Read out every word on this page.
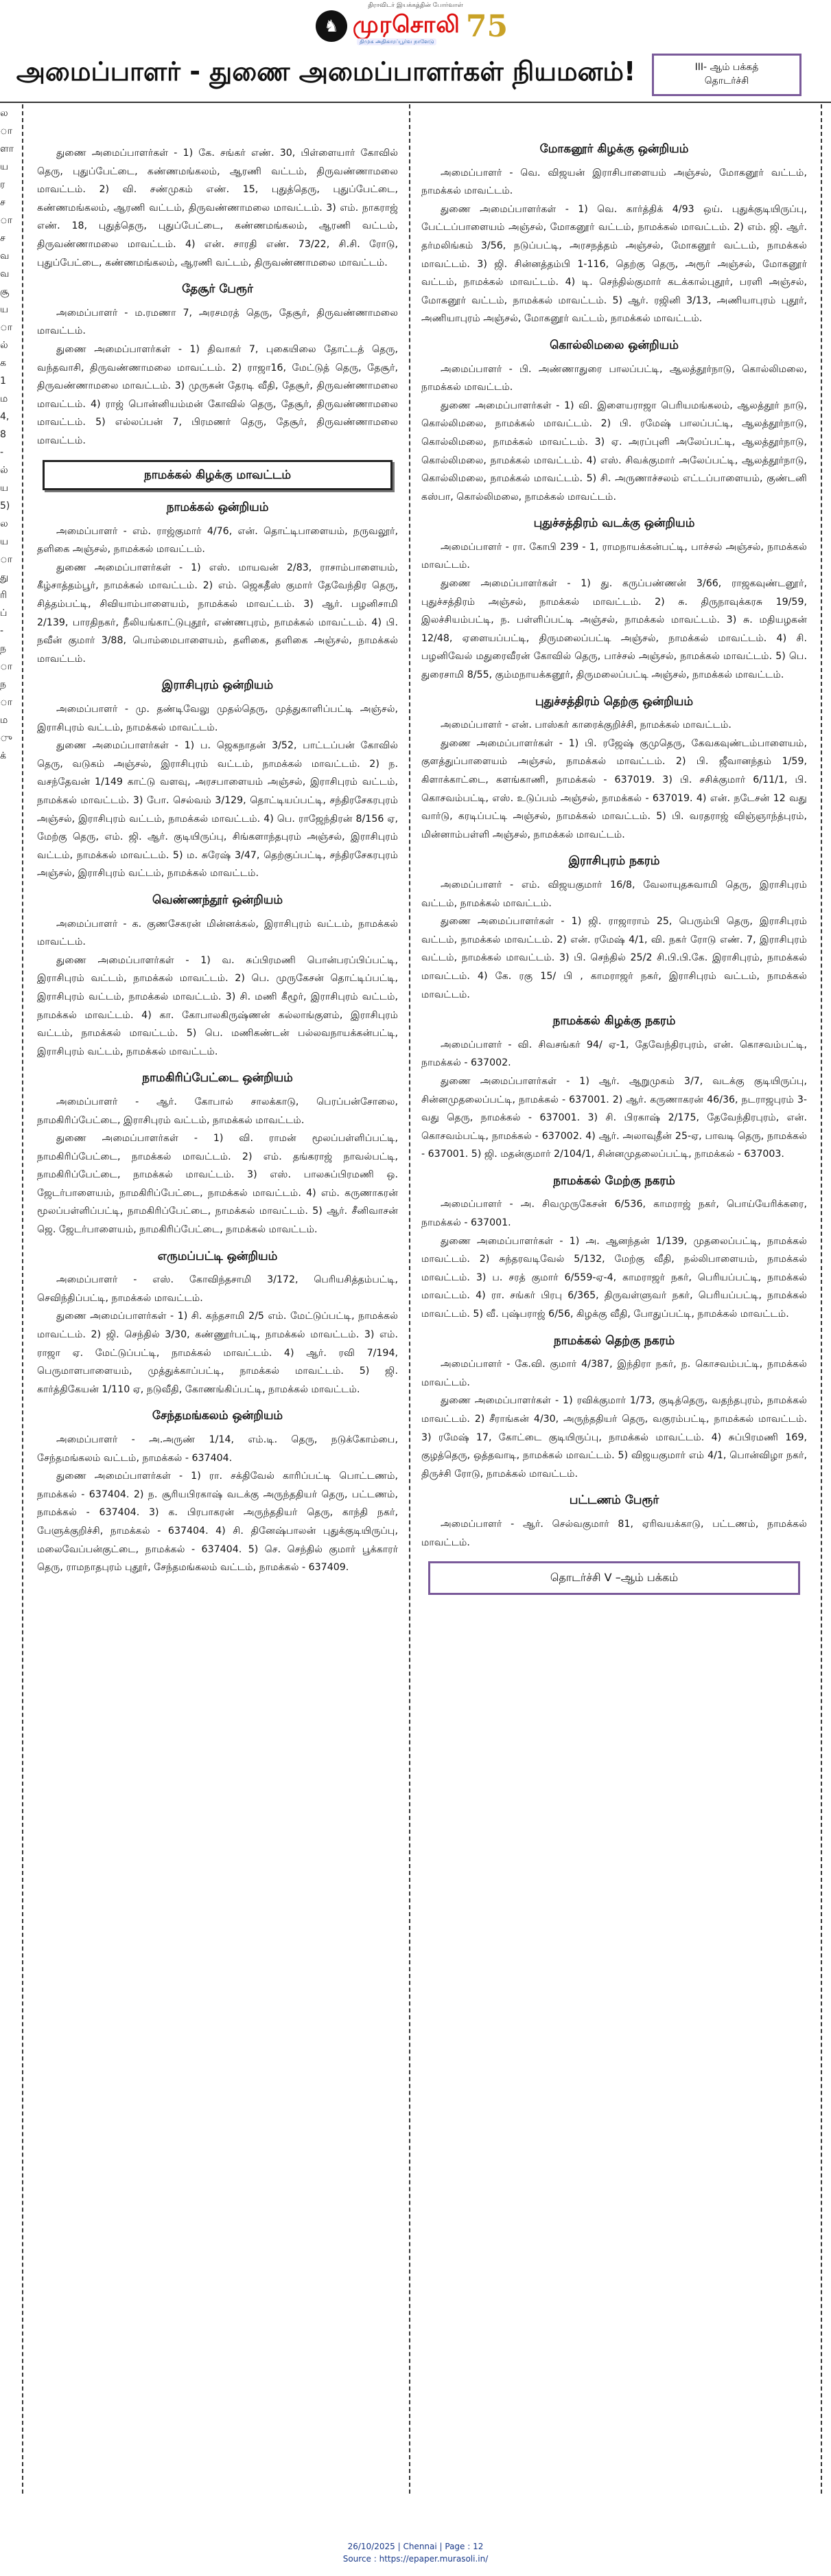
திராவிடர் இயக்கத்தின் போர்வாள்
♞ முரசொலி 75
திமுக அதிகாரப்பூர்வ நாளேடு
அமைப்பாளர் - துணை அமைப்பாளர்கள் நியமனம்!	III- ஆம் பக்கத்
தொடர்ச்சி
ல
ா
ளா
ய
ர
ச
ா
ச
வ
வ
சூ
ய
ா
ல்
க
1
ம
4,
8
-
ல்
ய
5)
ல
ய
ா
து
ரி
ப்
-
ந
ா
ந
ா
ம
ு
க்

துணை அமைப்பாளர்கள் - 1) கே. சங்கர் எண். 30, பிள்ளையார் கோவில் தெரு, புதுப்பேட்டை, கண்ணமங்கலம், ஆரணி வட்டம், திருவண்ணாமலை மாவட்டம். 2) வி. சண்முகம் எண். 15, புதுத்தெரு, புதுப்பேட்டை, கண்ணமங்கலம், ஆரணி வட்டம், திருவண்ணாமலை மாவட்டம். 3) எம். நாகராஜ் எண். 18, புதுத்தெரு, புதுப்பேட்டை, கண்ணமங்கலம், ஆரணி வட்டம், திருவண்ணாமலை மாவட்டம். 4) என். சாரதி எண். 73/22, சி.சி. ரோடு, புதுப்பேட்டை, கண்ணமங்கலம், ஆரணி வட்டம், திருவண்ணாமலை மாவட்டம்.

தேசூர் பேரூர்

அமைப்பாளர் - ம.ரமணா 7, அரசமரத் தெரு, தேசூர், திருவண்ணாமலை மாவட்டம்.

துணை அமைப்பாளர்கள் - 1) திவாகர் 7, புகையிலை தோட்டத் தெரு, வந்தவாசி, திருவண்ணாமலை மாவட்டம். 2) ராஜா16, மேட்டுத் தெரு, தேசூர், திருவண்ணாமலை மாவட்டம். 3) முருகன் தேரடி வீதி, தேசூர், திருவண்ணாமலை மாவட்டம். 4) ராஜ் பொன்னியம்மன் கோவில் தெரு, தேசூர், திருவண்ணாமலை மாவட்டம். 5) எல்லப்பன் 7, பிரமணர் தெரு, தேசூர், திருவண்ணாமலை மாவட்டம்.

நாமக்கல் கிழக்கு மாவட்டம்
நாமக்கல் ஒன்றியம்

அமைப்பாளர் - எம். ராஜ்குமார் 4/76, என். தொட்டிபாளையம், நருவலூர், தளிகை அஞ்சல், நாமக்கல் மாவட்டம்.

துணை அமைப்பாளர்கள் - 1) எஸ். மாயவன் 2/83, ராசாம்பாளையம், கீழ்சாத்தம்பூர், நாமக்கல் மாவட்டம். 2) எம். ஜெகதீஸ் குமார் தேவேந்திர தெரு, சித்தம்பட்டி, சிவியாம்பாளையம், நாமக்கல் மாவட்டம். 3) ஆர். பழனிசாமி 2/139, பாரதிநகர், நீலியங்காட்டுபுதூர், எண்ணபுரம், நாமக்கல் மாவட்டம். 4) பி. நவீன் குமார் 3/88, பொம்மைபாளையம், தளிகை, தளிகை அஞ்சல், நாமக்கல் மாவட்டம்.

இராசிபுரம் ஒன்றியம்

அமைப்பாளர் - மு. தண்டிவேலு முதல்தெரு, முத்துகாளிப்பட்டி அஞ்சல், இராசிபுரம் வட்டம், நாமக்கல் மாவட்டம்.

துணை அமைப்பாளர்கள் - 1) ப. ஜெகநாதன் 3/52, பாட்டப்பன் கோவில் தெரு, வடுகம் அஞ்சல், இராசிபுரம் வட்டம், நாமக்கல் மாவட்டம். 2) ந. வசந்தேவன் 1/149 காட்டு வளவு, அரசபாளையம் அஞ்சல், இராசிபுரம் வட்டம், நாமக்கல் மாவட்டம். 3) போ. செல்வம் 3/129, தொட்டியப்பட்டி, சந்திரசேகரபுரம் அஞ்சல், இராசிபுரம் வட்டம், நாமக்கல் மாவட்டம். 4) பெ. ராஜேந்திரன் 8/156 ஏ, மேற்கு தெரு, எம். ஜி. ஆர். குடியிருப்பு, சிங்களாந்தபுரம் அஞ்சல், இராசிபுரம் வட்டம், நாமக்கல் மாவட்டம். 5) ம. சுரேஷ் 3/47, தெற்குப்பட்டி, சந்திரசேகரபுரம் அஞ்சல், இராசிபுரம் வட்டம், நாமக்கல் மாவட்டம்.

வெண்ணந்தூர் ஒன்றியம்

அமைப்பாளர் - க. குணசேகரன் மின்னக்கல், இராசிபுரம் வட்டம், நாமக்கல் மாவட்டம்.

துணை அமைப்பாளர்கள் - 1) வ. சுப்பிரமணி பொன்பரப்பிப்பட்டி, இராசிபுரம் வட்டம், நாமக்கல் மாவட்டம். 2) பெ. முருகேசன் தொட்டிப்பட்டி, இராசிபுரம் வட்டம், நாமக்கல் மாவட்டம். 3) சி. மணி கீழூர், இராசிபுரம் வட்டம், நாமக்கல் மாவட்டம். 4) கா. கோபாலகிருஷ்ணன் கல்லாங்குளம், இராசிபுரம் வட்டம், நாமக்கல் மாவட்டம். 5) பெ. மணிகண்டன் பல்லவநாயக்கன்பட்டி, இராசிபுரம் வட்டம், நாமக்கல் மாவட்டம்.

நாமகிரிப்பேட்டை ஒன்றியம்

அமைப்பாளர் - ஆர். கோபால் சாலக்காடு, பெரப்பன்சோலை, நாமகிரிப்பேட்டை, இராசிபுரம் வட்டம், நாமக்கல் மாவட்டம்.

துணை அமைப்பாளர்கள் - 1) வி. ராமன் மூலப்பள்ளிப்பட்டி, நாமகிரிப்பேட்டை, நாமக்கல் மாவட்டம். 2) எம். தங்கராஜ் நாவல்பட்டி, நாமகிரிப்பேட்டை, நாமக்கல் மாவட்டம். 3) எஸ். பாலசுப்பிரமணி ஒ. ஜேடர்பாளையம், நாமகிரிப்பேட்டை, நாமக்கல் மாவட்டம். 4) எம். கருணாகரன் மூலப்பள்ளிப்பட்டி, நாமகிரிப்பேட்டை, நாமக்கல் மாவட்டம். 5) ஆர். சீனிவாசன் ஜெ. ஜேடர்பாளையம், நாமகிரிப்பேட்டை, நாமக்கல் மாவட்டம்.

எருமப்பட்டி ஒன்றியம்

அமைப்பாளர் - எஸ். கோவிந்தசாமி 3/172, பெரியசித்தம்பட்டி, செவிந்திப்பட்டி, நாமக்கல் மாவட்டம்.

துணை அமைப்பாளர்கள் - 1) சி. கந்தசாமி 2/5 எம். மேட்டுப்பட்டி, நாமக்கல் மாவட்டம். 2) ஜி. செந்தில் 3/30, கண்ணூர்பட்டி, நாமக்கல் மாவட்டம். 3) எம். ராஜா ஏ. மேட்டுப்பட்டி, நாமக்கல் மாவட்டம். 4) ஆர். ரவி 7/194, பெருமாளபாளையம், முத்துக்காப்பட்டி, நாமக்கல் மாவட்டம். 5) ஜி. கார்த்திகேயன் 1/110 ஏ, நடுவீதி, கோணங்கிப்பட்டி, நாமக்கல் மாவட்டம்.

சேந்தமங்கலம் ஒன்றியம்

அமைப்பாளர் - அ.அருண் 1/14, எம்.டி. தெரு, நடுக்கோம்பை, சேந்தமங்கலம் வட்டம், நாமக்கல் - 637404.

துணை அமைப்பாளர்கள் - 1) ரா. சக்திவேல் காரிப்பட்டி பொட்டணம், நாமக்கல் - 637404. 2) ந. சூரியபிரகாஷ் வடக்கு அருந்ததியர் தெரு, பட்டணம், நாமக்கல் - 637404. 3) க. பிரபாகரன் அருந்ததியர் தெரு, காந்தி நகர், பேளுக்குறிச்சி, நாமக்கல் - 637404. 4) சி. தினேஷ்பாலன் புதுக்குடியிருப்பு, மலைவேப்பன்குட்டை, நாமக்கல் - 637404. 5) செ. செந்தில் குமார் பூக்காரர் தெரு, ராமநாதபுரம் புதூர், சேந்தமங்கலம் வட்டம், நாமக்கல் - 637409.

மோகனூர் கிழக்கு ஒன்றியம்

அமைப்பாளர் - வெ. விஜயன் இராசிபாளையம் அஞ்சல், மோகனூர் வட்டம், நாமக்கல் மாவட்டம்.

துணை அமைப்பாளர்கள் - 1) வெ. கார்த்திக் 4/93 ஒய். புதுக்குடியிருப்பு, பேட்டப்பாளையம் அஞ்சல், மோகனூர் வட்டம், நாமக்கல் மாவட்டம். 2) எம். ஜி. ஆர். தர்மலிங்கம் 3/56, நடுப்பட்டி, அரசநத்தம் அஞ்சல், மோகனூர் வட்டம், நாமக்கல் மாவட்டம். 3) ஜி. சின்னத்தம்பி 1-116, தெற்கு தெரு, அரூர் அஞ்சல், மோகனூர் வட்டம், நாமக்கல் மாவட்டம். 4) டி. செந்தில்குமார் கடக்கால்புதூர், பரளி அஞ்சல், மோகனூர் வட்டம், நாமக்கல் மாவட்டம். 5) ஆர். ரஜினி 3/13, அணியாபுரம் புதூர், அணியாபுரம் அஞ்சல், மோகனூர் வட்டம், நாமக்கல் மாவட்டம்.

கொல்லிமலை ஒன்றியம்

அமைப்பாளர் - பி. அண்ணாதுரை பாலப்பட்டி, ஆலத்தூர்நாடு, கொல்லிமலை, நாமக்கல் மாவட்டம்.

துணை அமைப்பாளர்கள் - 1) வி. இளையராஜா பெரியமங்கலம், ஆலத்தூர் நாடு, கொல்லிமலை, நாமக்கல் மாவட்டம். 2) பி. ரமேஷ் பாலப்பட்டி, ஆலத்தூர்நாடு, கொல்லிமலை, நாமக்கல் மாவட்டம். 3) ஏ. அரப்புளி அலேப்பட்டி, ஆலத்தூர்நாடு, கொல்லிமலை, நாமக்கல் மாவட்டம். 4) எஸ். சிவக்குமார் அலேப்பட்டி, ஆலத்தூர்நாடு, கொல்லிமலை, நாமக்கல் மாவட்டம். 5) சி. அருணாச்சலம் எட்டப்பாளையம், குண்டனி கஸ்பா, கொல்லிமலை, நாமக்கல் மாவட்டம்.

புதுச்சத்திரம் வடக்கு ஒன்றியம்

அமைப்பாளர் - ரா. கோபி 239 - 1, ராமநாயக்கன்பட்டி, பாச்சல் அஞ்சல், நாமக்கல் மாவட்டம்.

துணை அமைப்பாளர்கள் - 1) து. கருப்பண்ணன் 3/66, ராஜகவுண்டனூர், புதுச்சத்திரம் அஞ்சல், நாமக்கல் மாவட்டம். 2) சு. திருநாவுக்கரசு 19/59, இலச்சியம்பட்டி, ந. பள்ளிப்பட்டி அஞ்சல், நாமக்கல் மாவட்டம். 3) சு. மதியழகன் 12/48, ஏளையப்பட்டி, திருமலைப்பட்டி அஞ்சல், நாமக்கல் மாவட்டம். 4) சி. பழனிவேல் மதுரைவீரன் கோவில் தெரு, பாச்சல் அஞ்சல், நாமக்கல் மாவட்டம். 5) பெ. துரைசாமி 8/55, கும்மநாயக்கனூர், திருமலைப்பட்டி அஞ்சல், நாமக்கல் மாவட்டம்.

புதுச்சத்திரம் தெற்கு ஒன்றியம்

அமைப்பாளர் - என். பாஸ்கர் காரைக்குறிச்சி, நாமக்கல் மாவட்டம்.

துணை அமைப்பாளர்கள் - 1) பி. ரஜேஷ் குமுதெரு, கேவகவுண்டம்பாளையம், குளத்துப்பாளையம் அஞ்சல், நாமக்கல் மாவட்டம். 2) பி. ஜீவானந்தம் 1/59, கிளாக்காட்டை, களங்காணி, நாமக்கல் - 637019. 3) பி. சசிக்குமார் 6/11/1, பி. கொசவம்பட்டி, எஸ். உடுப்பம் அஞ்சல், நாமக்கல் - 637019. 4) என். நடேசன் 12 வது வார்டு, கரடிப்பட்டி அஞ்சல், நாமக்கல் மாவட்டம். 5) பி. வரதராஜ் விஞ்ஞாந்த்புரம், மின்னாம்பள்ளி அஞ்சல், நாமக்கல் மாவட்டம்.

இராசிபுரம் நகரம்

அமைப்பாளர் - எம். விஜயகுமார் 16/8, வேலாயுதசுவாமி தெரு, இராசிபுரம் வட்டம், நாமக்கல் மாவட்டம்.

துணை அமைப்பாளர்கள் - 1) ஜி. ராஜாராம் 25, பெரும்பி தெரு, இராசிபுரம் வட்டம், நாமக்கல் மாவட்டம். 2) என். ரமேஷ் 4/1, வி. நகர் ரோடு எண். 7, இராசிபுரம் வட்டம், நாமக்கல் மாவட்டம். 3) பி. செந்தில் 25/2 சி.பி.பி.கே. இராசிபுரம், நாமக்கல் மாவட்டம். 4) கே. ரகு 15/ பி , காமராஜர் நகர், இராசிபுரம் வட்டம், நாமக்கல் மாவட்டம்.

நாமக்கல் கிழக்கு நகரம்

அமைப்பாளர் - வி. சிவசங்கர் 94/ ஏ-1, தேவேந்திரபுரம், என். கொசவம்பட்டி, நாமக்கல் - 637002.

துணை அமைப்பாளர்கள் - 1) ஆர். ஆறுமுகம் 3/7, வடக்கு குடியிருப்பு, சின்னமுதலைப்பட்டி, நாமக்கல் - 637001. 2) ஆர். கருணாகரன் 46/36, நடராஜபுரம் 3- வது தெரு, நாமக்கல் - 637001. 3) சி. பிரகாஷ் 2/175, தேவேந்திரபுரம், என். கொசவம்பட்டி, நாமக்கல் - 637002. 4) ஆர். அலாவுதீன் 25-ஏ, பாவடி தெரு, நாமக்கல் - 637001. 5) ஜி. மதன்குமார் 2/104/1, சின்னமுதலைப்பட்டி, நாமக்கல் - 637003.

நாமக்கல் மேற்கு நகரம்

அமைப்பாளர் - அ. சிவமுருகேசன் 6/536, காமராஜ் நகர், பொய்யேரிக்கரை, நாமக்கல் - 637001.

துணை அமைப்பாளர்கள் - 1) அ. ஆனந்தன் 1/139, முதலைப்பட்டி, நாமக்கல் மாவட்டம். 2) சுந்தரவடிவேல் 5/132, மேற்கு வீதி, நல்லிபாளையம், நாமக்கல் மாவட்டம். 3) ப. சரத் குமார் 6/559-ஏ-4, காமராஜர் நகர், பெரியப்பட்டி, நாமக்கல் மாவட்டம். 4) ரா. சங்கர் பிரபு 6/365, திருவள்ளுவர் நகர், பெரியப்பட்டி, நாமக்கல் மாவட்டம். 5) வீ. புஷ்பராஜ் 6/56, கிழக்கு வீதி, போதுப்பட்டி, நாமக்கல் மாவட்டம்.

நாமக்கல் தெற்கு நகரம்

அமைப்பாளர் - கே.வி. குமார் 4/387, இந்திரா நகர், ந. கொசவம்பட்டி, நாமக்கல் மாவட்டம்.

துணை அமைப்பாளர்கள் - 1) ரவிக்குமார் 1/73, குடித்தெரு, வதந்தபுரம், நாமக்கல் மாவட்டம். 2) சீராங்கன் 4/30, அருந்ததியர் தெரு, வகுரம்பட்டி, நாமக்கல் மாவட்டம். 3) ரமேஷ் 17, கோட்டை குடியிருப்பு, நாமக்கல் மாவட்டம். 4) சுப்பிரமணி 169, குழத்தெரு, ஒத்தவாடி, நாமக்கல் மாவட்டம். 5) விஜயகுமார் எம் 4/1, பொன்விழா நகர், திருச்சி ரோடு, நாமக்கல் மாவட்டம்.

பட்டணம் பேரூர்

அமைப்பாளர் - ஆர். செல்வகுமார் 81, ஏரிவயக்காடு, பட்டணம், நாமக்கல் மாவட்டம்.

தொடர்ச்சி V –ஆம் பக்கம்
26/10/2025 | Chennai | Page : 12
Source : https://epaper.murasoli.in/
